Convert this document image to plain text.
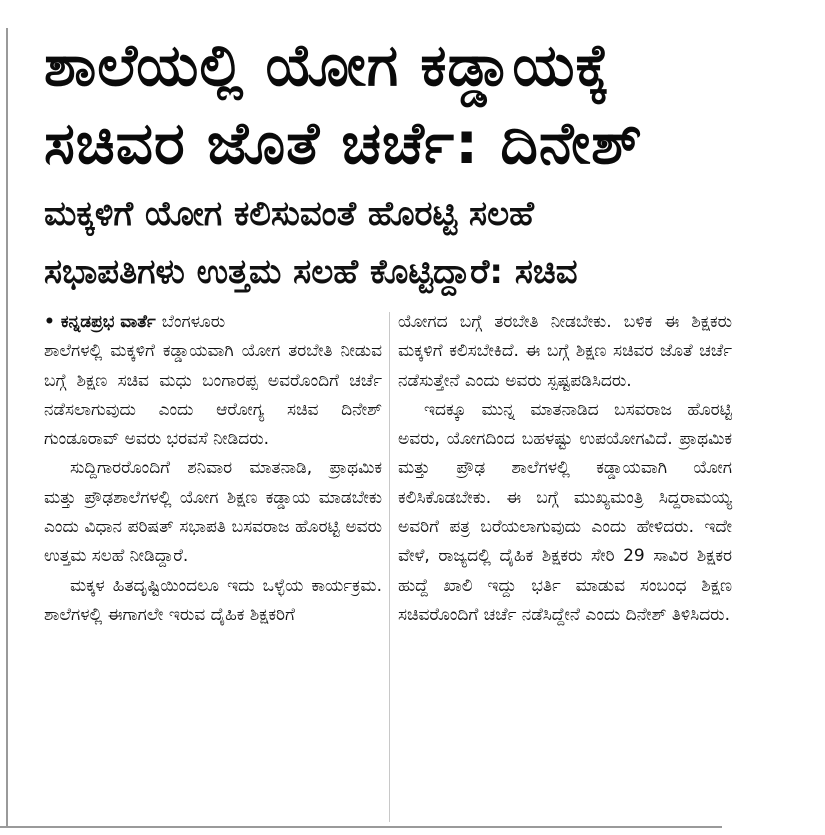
ಶಾಲೆಯಲ್ಲಿ ಯೋಗ ಕಡ್ಡಾಯಕ್ಕೆ
ಸಚಿವರ ಜೊತೆ ಚರ್ಚೆ: ದಿನೇಶ್
ಮಕ್ಕಳಿಗೆ ಯೋಗ ಕಲಿಸುವಂತೆ ಹೊರಟ್ಟಿ ಸಲಹೆ
ಸಭಾಪತಿಗಳು ಉತ್ತಮ ಸಲಹೆ ಕೊಟ್ಟಿದ್ದಾರೆ: ಸಚಿವ

• ಕನ್ನಡಪ್ರಭ ವಾರ್ತೆ ಬೆಂಗಳೂರು

ಶಾಲೆಗಳಲ್ಲಿ ಮಕ್ಕಳಿಗೆ ಕಡ್ಡಾಯವಾಗಿ ಯೋಗ ತರಬೇತಿ ನೀಡುವ ಬಗ್ಗೆ ಶಿಕ್ಷಣ ಸಚಿವ ಮಧು ಬಂಗಾರಪ್ಪ ಅವರೊಂದಿಗೆ ಚರ್ಚೆ ನಡೆಸಲಾಗುವುದು ಎಂದು ಆರೋಗ್ಯ ಸಚಿವ ದಿನೇಶ್ ಗುಂಡೂರಾವ್ ಅವರು ಭರವಸೆ ನೀಡಿದರು.

ಸುದ್ದಿಗಾರರೊಂದಿಗೆ ಶನಿವಾರ ಮಾತನಾಡಿ, ಪ್ರಾಥಮಿಕ ಮತ್ತು ಪ್ರೌಢಶಾಲೆಗಳಲ್ಲಿ ಯೋಗ ಶಿಕ್ಷಣ ಕಡ್ಡಾಯ ಮಾಡಬೇಕು ಎಂದು ವಿಧಾನ ಪರಿಷತ್ ಸಭಾಪತಿ ಬಸವರಾಜ ಹೊರಟ್ಟಿ ಅವರು ಉತ್ತಮ ಸಲಹೆ ನೀಡಿದ್ದಾರೆ.

ಮಕ್ಕಳ ಹಿತದೃಷ್ಟಿಯಿಂದಲೂ ಇದು ಒಳ್ಳೆಯ ಕಾರ್ಯಕ್ರಮ. ಶಾಲೆಗಳಲ್ಲಿ ಈಗಾಗಲೇ ಇರುವ ದೈಹಿಕ ಶಿಕ್ಷಕರಿಗೆ

ಯೋಗದ ಬಗ್ಗೆ ತರಬೇತಿ ನೀಡಬೇಕು. ಬಳಿಕ ಈ ಶಿಕ್ಷಕರು ಮಕ್ಕಳಿಗೆ ಕಲಿಸಬೇಕಿದೆ. ಈ ಬಗ್ಗೆ ಶಿಕ್ಷಣ ಸಚಿವರ ಜೊತೆ ಚರ್ಚೆ ನಡೆಸುತ್ತೇನೆ ಎಂದು ಅವರು ಸ್ಪಷ್ಟಪಡಿಸಿದರು.

ಇದಕ್ಕೂ ಮುನ್ನ ಮಾತನಾಡಿದ ಬಸವರಾಜ ಹೊರಟ್ಟಿ ಅವರು, ಯೋಗದಿಂದ ಬಹಳಷ್ಟು ಉಪಯೋಗವಿದೆ. ಪ್ರಾಥಮಿಕ ಮತ್ತು ಪ್ರೌಢ ಶಾಲೆಗಳಲ್ಲಿ ಕಡ್ಡಾಯವಾಗಿ ಯೋಗ ಕಲಿಸಿಕೊಡಬೇಕು. ಈ ಬಗ್ಗೆ ಮುಖ್ಯಮಂತ್ರಿ ಸಿದ್ದರಾಮಯ್ಯ ಅವರಿಗೆ ಪತ್ರ ಬರೆಯಲಾಗುವುದು ಎಂದು ಹೇಳಿದರು. ಇದೇ ವೇಳೆ, ರಾಜ್ಯದಲ್ಲಿ ದೈಹಿಕ ಶಿಕ್ಷಕರು ಸೇರಿ 29 ಸಾವಿರ ಶಿಕ್ಷಕರ ಹುದ್ದೆ ಖಾಲಿ ಇದ್ದು ಭರ್ತಿ ಮಾಡುವ ಸಂಬಂಧ ಶಿಕ್ಷಣ ಸಚಿವರೊಂದಿಗೆ ಚರ್ಚೆ ನಡೆಸಿದ್ದೇನೆ ಎಂದು ದಿನೇಶ್ ತಿಳಿಸಿದರು.
